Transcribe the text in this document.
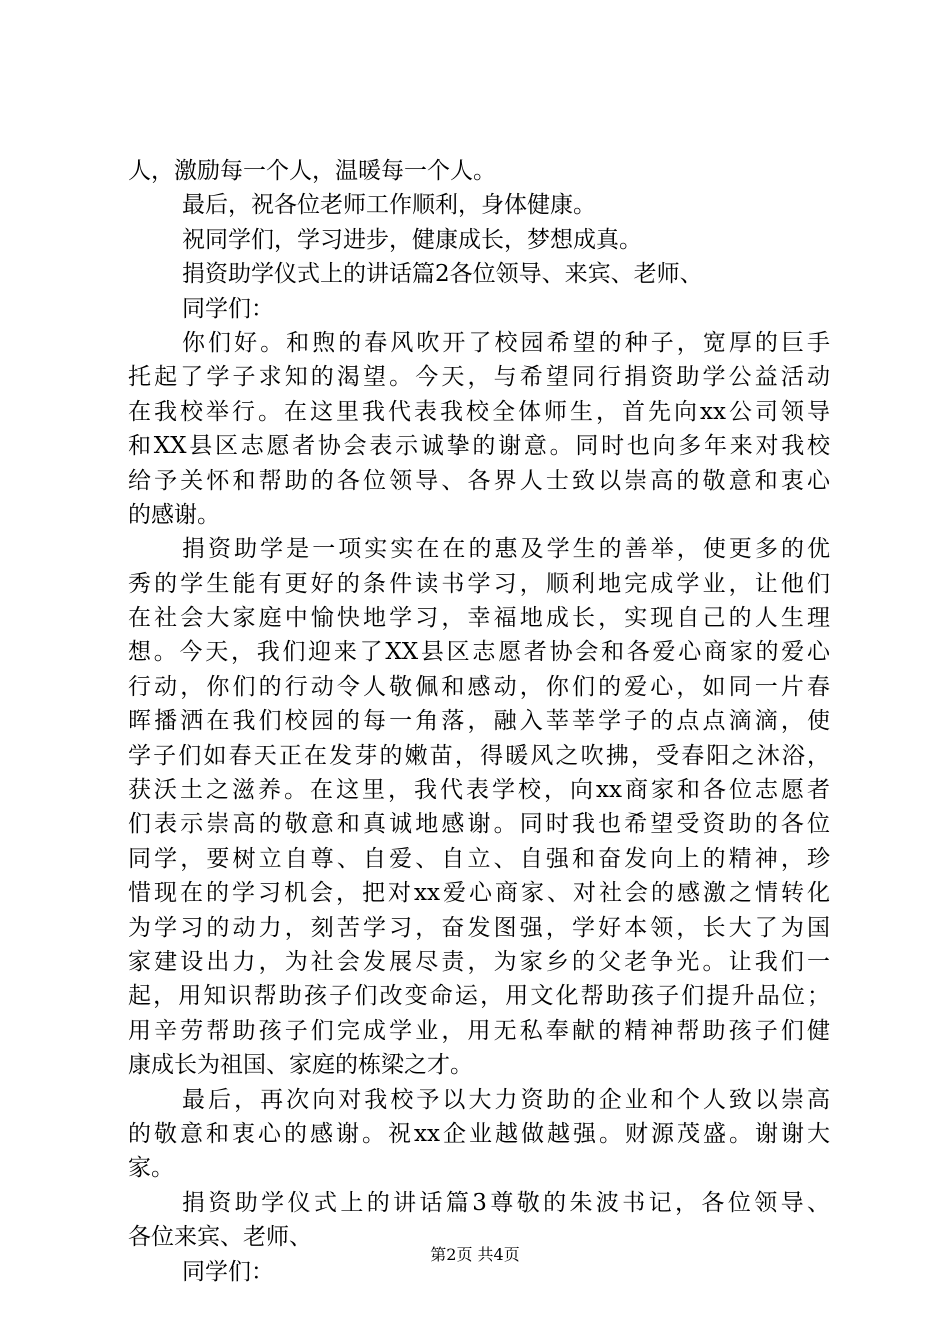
人，激励每一个人，温暖每一个人。
最后，祝各位老师工作顺利，身体健康。
祝同学们，学习进步，健康成长，梦想成真。
捐资助学仪式上的讲话篇2各位领导、来宾、老师、
同学们：
你们好。和煦的春风吹开了校园希望的种子，宽厚的巨手
托起了学子求知的渴望。今天，与希望同行捐资助学公益活动
在我校举行。在这里我代表我校全体师生，首先向xx公司领导
和XX县区志愿者协会表示诚挚的谢意。同时也向多年来对我校
给予关怀和帮助的各位领导、各界人士致以崇高的敬意和衷心
的感谢。
捐资助学是一项实实在在的惠及学生的善举，使更多的优
秀的学生能有更好的条件读书学习，顺利地完成学业，让他们
在社会大家庭中愉快地学习，幸福地成长，实现自己的人生理
想。今天，我们迎来了XX县区志愿者协会和各爱心商家的爱心
行动，你们的行动令人敬佩和感动，你们的爱心，如同一片春
晖播洒在我们校园的每一角落，融入莘莘学子的点点滴滴，使
学子们如春天正在发芽的嫩苗，得暖风之吹拂，受春阳之沐浴，
获沃土之滋养。在这里，我代表学校，向xx商家和各位志愿者
们表示崇高的敬意和真诚地感谢。同时我也希望受资助的各位
同学，要树立自尊、自爱、自立、自强和奋发向上的精神，珍
惜现在的学习机会，把对xx爱心商家、对社会的感激之情转化
为学习的动力，刻苦学习，奋发图强，学好本领，长大了为国
家建设出力，为社会发展尽责，为家乡的父老争光。让我们一
起，用知识帮助孩子们改变命运，用文化帮助孩子们提升品位；
用辛劳帮助孩子们完成学业，用无私奉献的精神帮助孩子们健
康成长为祖国、家庭的栋梁之才。
最后，再次向对我校予以大力资助的企业和个人致以崇高
的敬意和衷心的感谢。祝xx企业越做越强。财源茂盛。谢谢大
家。
捐资助学仪式上的讲话篇3尊敬的朱波书记，各位领导、
各位来宾、老师、
同学们：
第2页 共4页
